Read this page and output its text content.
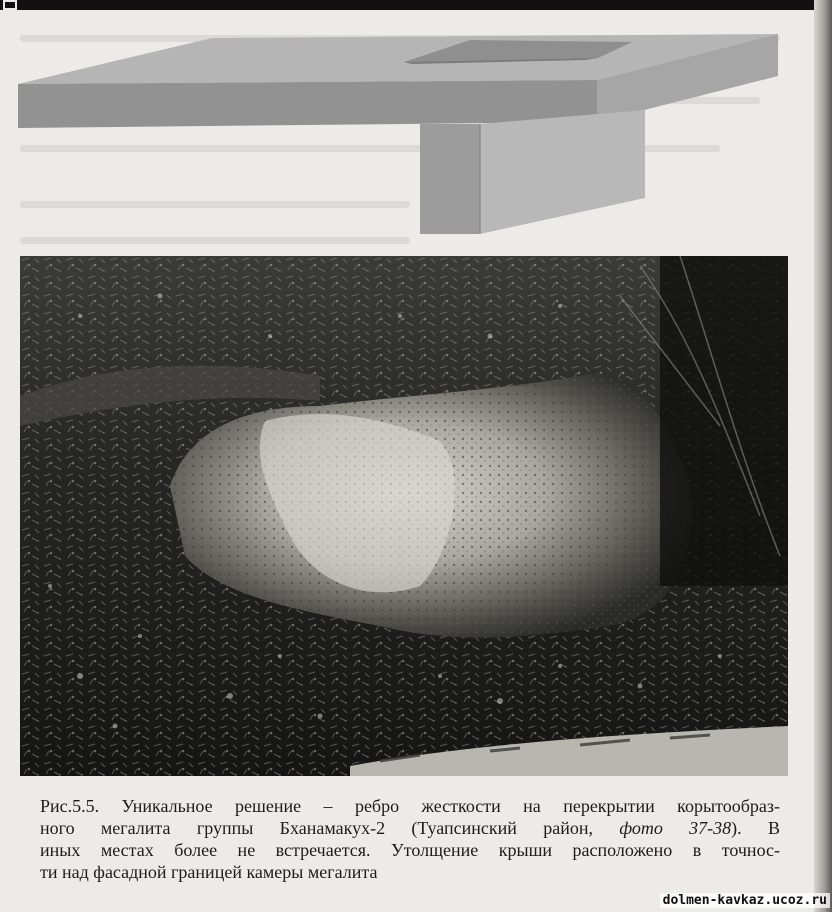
Рис.5.5. Уникальное решение – ребро жесткости на перекрытии корытообраз-
ного мегалита группы Бханамакух-2 (Туапсинский район, фото 37-38). В
иных местах более не встречается. Утолщение крыши расположено в точнос-
ти над фасадной границей камеры мегалита
dolmen-kavkaz.ucoz.ru
